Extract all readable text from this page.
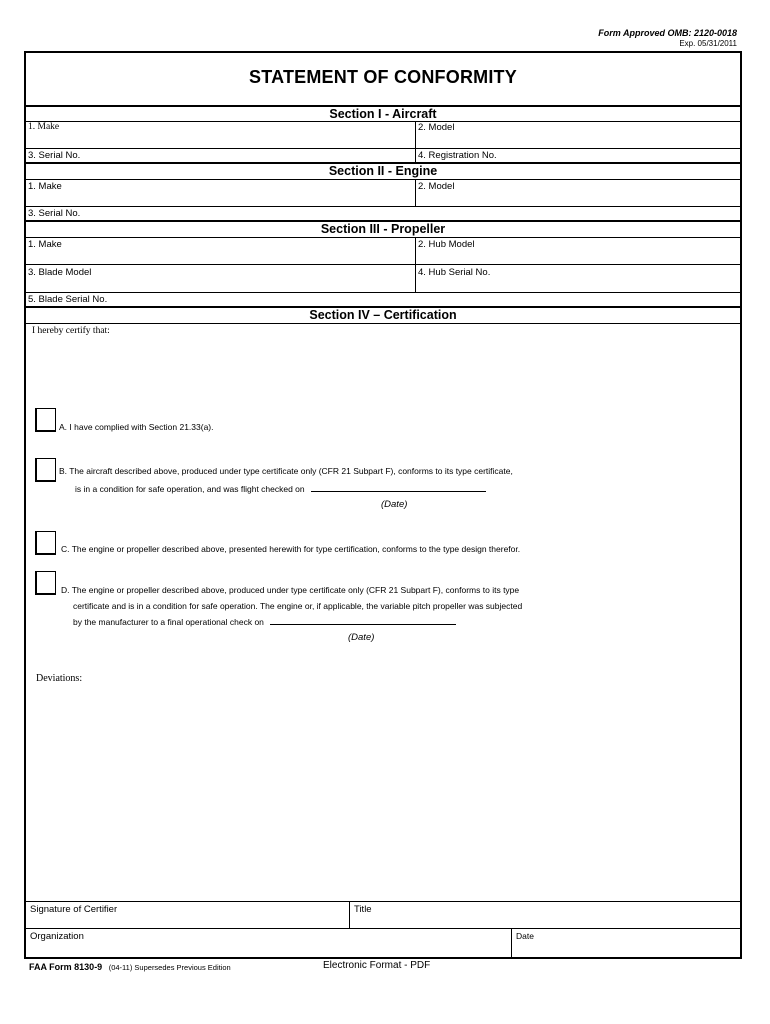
Form Approved OMB: 2120-0018
Exp. 05/31/2011
STATEMENT OF CONFORMITY
Section I - Aircraft
1. Make	2. Model
3. Serial No.	4. Registration No.
Section II - Engine
1. Make	2. Model
3. Serial No.
Section III - Propeller
1. Make	2. Hub Model
3. Blade Model	4. Hub Serial No.
5. Blade Serial No.
Section IV – Certification
I hereby certify that:
A. I have complied with Section 21.33(a).
B. The aircraft described above, produced under type certificate only (CFR 21 Subpart F), conforms to its type certificate,
is in a condition for safe operation, and was flight checked on
(Date)
C. The engine or propeller described above, presented herewith for type certification, conforms to the type design therefor.
D. The engine or propeller described above, produced under type certificate only (CFR 21 Subpart F), conforms to its type
certificate and is in a condition for safe operation. The engine or, if applicable, the variable pitch propeller was subjected
by the manufacturer to a final operational check on
(Date)
Deviations:
Signature of Certifier	Title
Organization	Date
FAA Form 8130-9 (04-11) Supersedes Previous Edition	Electronic Format - PDF
